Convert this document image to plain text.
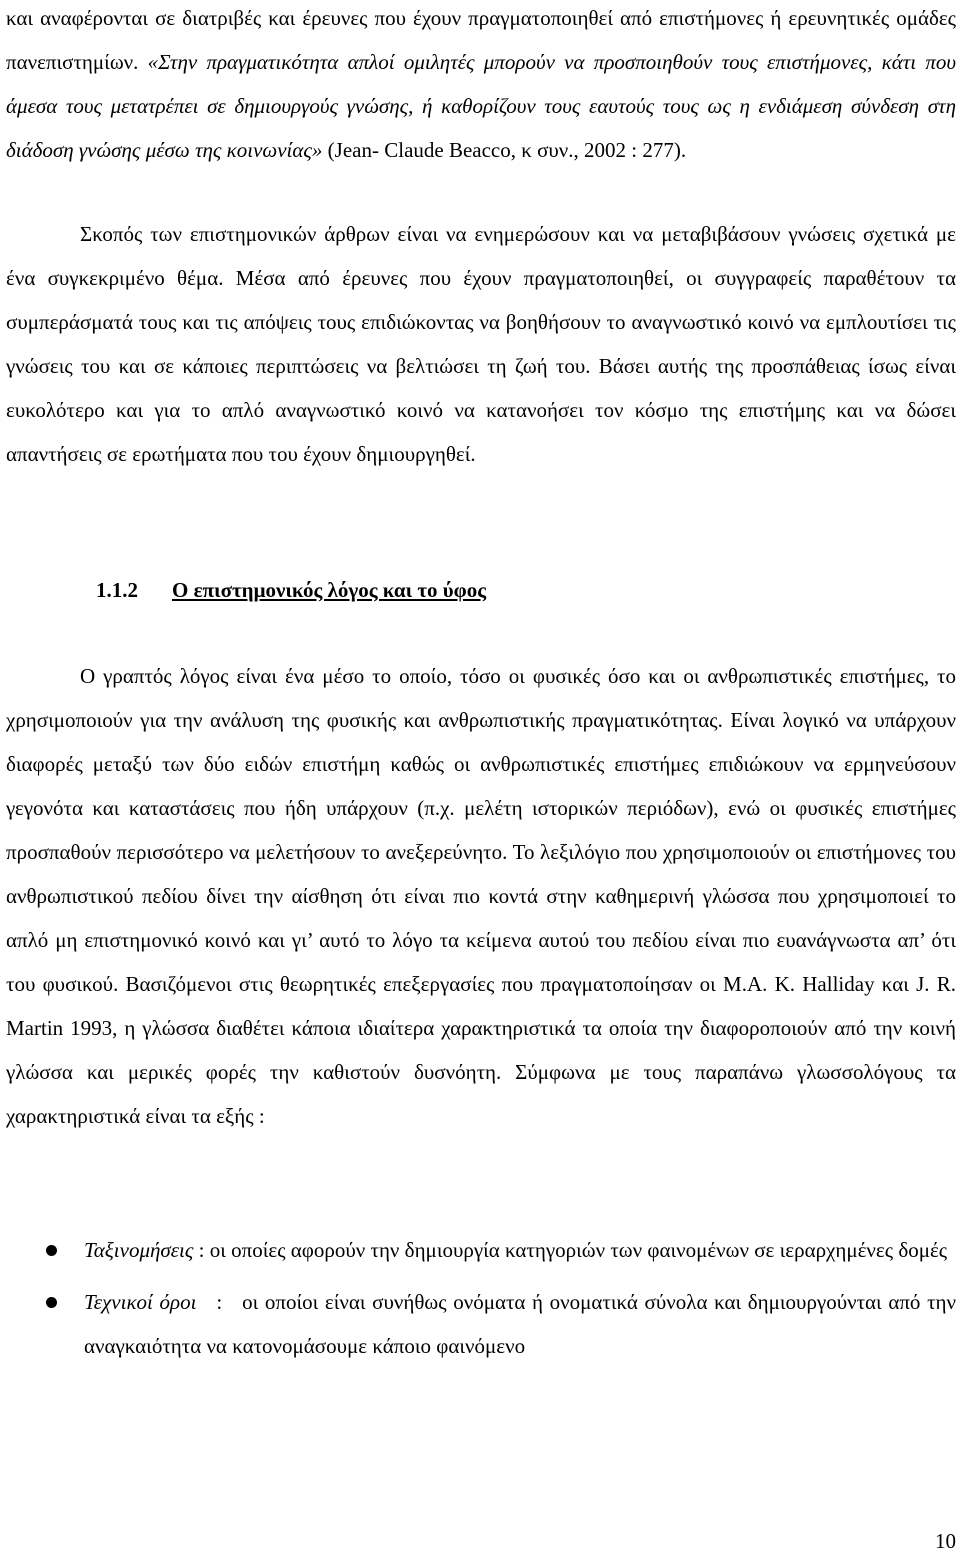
και αναφέρονται σε διατριβές και έρευνες που έχουν πραγματοποιηθεί από επιστήμονες ή ερευνητικές ομάδες πανεπιστημίων. «Στην πραγματικότητα απλοί ομιλητές μπορούν να προσποιηθούν τους επιστήμονες, κάτι που άμεσα τους μετατρέπει σε δημιουργούς γνώσης, ή καθορίζουν τους εαυτούς τους ως η ενδιάμεση σύνδεση στη διάδοση γνώσης μέσω της κοινωνίας» (Jean- Claude Beacco, κ συν., 2002 : 277).

Σκοπός των επιστημονικών άρθρων είναι να ενημερώσουν και να μεταβιβάσουν γνώσεις σχετικά με ένα συγκεκριμένο θέμα. Μέσα από έρευνες που έχουν πραγματοποιηθεί, οι συγγραφείς παραθέτουν τα συμπεράσματά τους και τις απόψεις τους επιδιώκοντας να βοηθήσουν το αναγνωστικό κοινό να εμπλουτίσει τις γνώσεις του και σε κάποιες περιπτώσεις να βελτιώσει τη ζωή του. Βάσει αυτής της προσπάθειας ίσως είναι ευκολότερο και για το απλό αναγνωστικό κοινό να κατανοήσει τον κόσμο της επιστήμης και να δώσει απαντήσεις σε ερωτήματα που του έχουν δημιουργηθεί.

1.1.2 Ο επιστημονικός λόγος και το ύφος

Ο γραπτός λόγος είναι ένα μέσο το οποίο, τόσο οι φυσικές όσο και οι ανθρωπιστικές επιστήμες, το χρησιμοποιούν για την ανάλυση της φυσικής και ανθρωπιστικής πραγματικότητας. Είναι λογικό να υπάρχουν διαφορές μεταξύ των δύο ειδών επιστήμη καθώς οι ανθρωπιστικές επιστήμες επιδιώκουν να ερμηνεύσουν γεγονότα και καταστάσεις που ήδη υπάρχουν (π.χ. μελέτη ιστορικών περιόδων), ενώ οι φυσικές επιστήμες προσπαθούν περισσότερο να μελετήσουν το ανεξερεύνητο. Το λεξιλόγιο που χρησιμοποιούν οι επιστήμονες του ανθρωπιστικού πεδίου δίνει την αίσθηση ότι είναι πιο κοντά στην καθημερινή γλώσσα που χρησιμοποιεί το απλό μη επιστημονικό κοινό και γι’ αυτό το λόγο τα κείμενα αυτού του πεδίου είναι πιο ευανάγνωστα απ’ ότι του φυσικού. Βασιζόμενοι στις θεωρητικές επεξεργασίες που πραγματοποίησαν οι M.A. K. Halliday και J. R. Martin 1993, η γλώσσα διαθέτει κάποια ιδιαίτερα χαρακτηριστικά τα οποία την διαφοροποιούν από την κοινή γλώσσα και μερικές φορές την καθιστούν δυσνόητη. Σύμφωνα με τους παραπάνω γλωσσολόγους τα χαρακτηριστικά είναι τα εξής :

Ταξινομήσεις : οι οποίες αφορούν την δημιουργία κατηγοριών των φαινομένων σε ιεραρχημένες δομές
Τεχνικοί όροι   :   οι οποίοι είναι συνήθως ονόματα ή ονοματικά σύνολα και δημιουργούνται από την αναγκαιότητα να κατονομάσουμε κάποιο φαινόμενο
10
